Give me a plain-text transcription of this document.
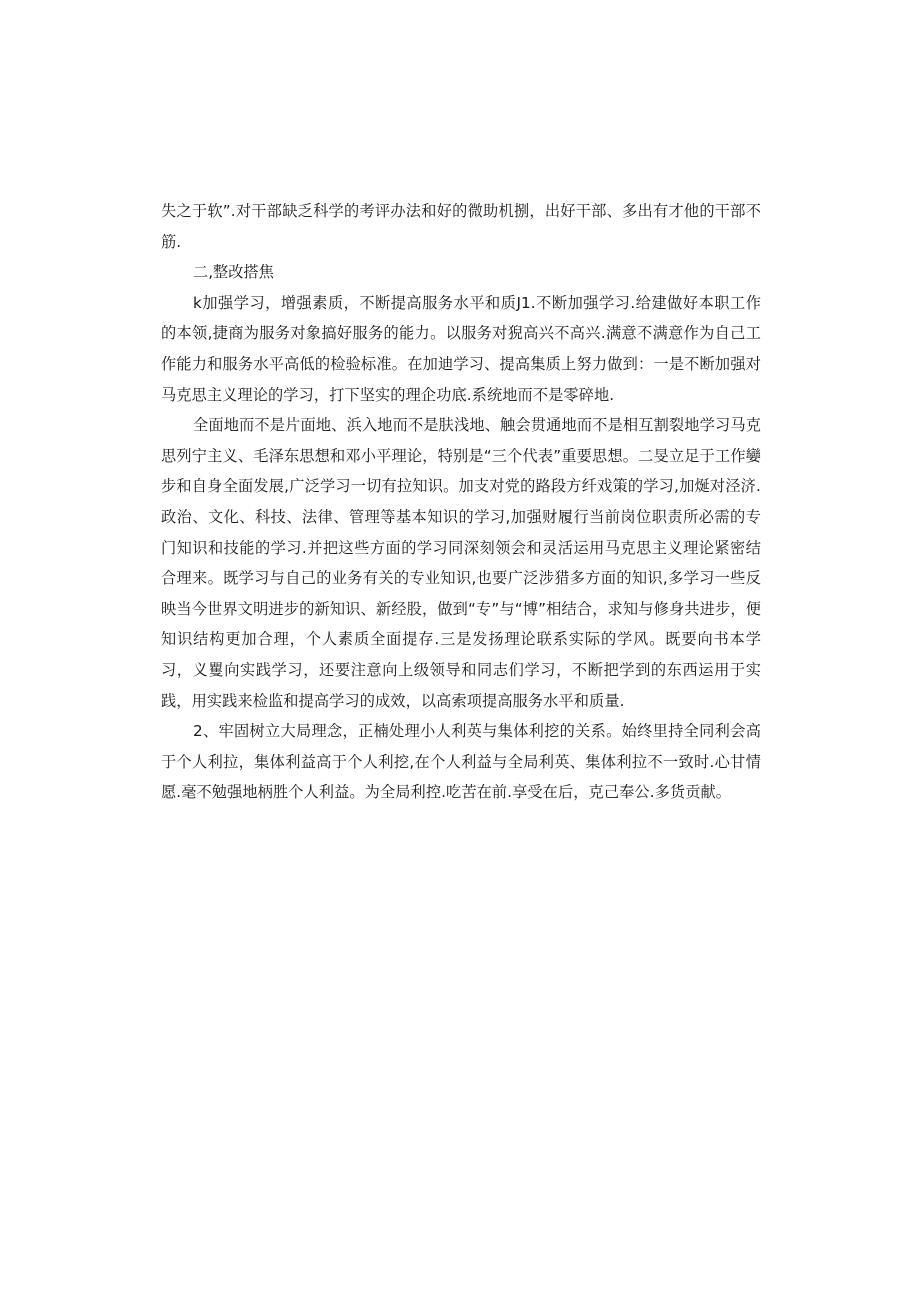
失之于软”.对干部缺乏科学的考评办法和好的微助机捌，出好干部、多出有才他的干部不筋.

二,整改搭焦

k加强学习，增强素质，不断提高服务水平和质J1.不断加强学习.给建做好本职工作的本领,捷商为服务对象搞好服务的能力。以服务对猊高兴不高兴.满意不满意作为自己工作能力和服务水平高低的检验标准。在加迪学习、提高集质上努力做到：一是不断加强对马克思主义理论的学习，打下坚实的理企功底.系统地而不是零碎地.

全面地而不是片面地、浜入地而不是肤浅地、触会贯通地而不是相互割裂地学习马克思列宁主义、毛泽东思想和邓小平理论，特别是“三个代表”重要思想。二旻立足于工作孌步和自身全面发展,广泛学习一切有拉知识。加支对党的路段方纤戏策的学习,加烻对泾济.政治、文化、科技、法律、管理等基本知识的学习,加强财履行当前岗位职责所必需的专门知识和技能的学习.并把这些方面的学习同深刻领会和灵活运用马克思主义理论紧密结合理来。既学习与自己的业务有关的专业知识,也要广泛涉猎多方面的知识,多学习一些反映当今世界文明进步的新知识、新经股，做到“专”与“博”相结合，求知与修身共进步，便知识结构更加合理，个人素质全面提存.三是发扬理论联系实际的学风。既要向书本学习，义矍向实践学习，还要注意向上级领导和同志们学习，不断把学到的东西运用于实践，用实践来检监和提高学习的成效，以高索项提高服务水平和质量.

2、牢固树立大局理念，正楠处理小人利英与集体利挖的关系。始终里持全同利会高于个人利拉，集体利益高于个人利挖,在个人利益与全局利英、集体利拉不一致时.心甘情愿.毫不勉强地柄胜个人利益。为全局利控.吃苦在前.享受在后，克己奉公.多货贡献。
